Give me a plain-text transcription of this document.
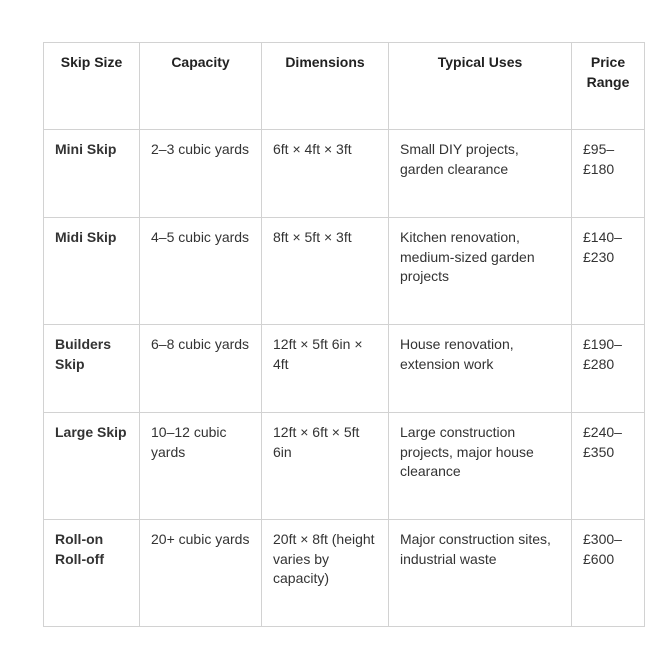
Skip Size	Capacity	Dimensions	Typical Uses	Price Range
Mini Skip	2–3 cubic yards	6ft × 4ft × 3ft	Small DIY projects, garden clearance	£95–£180
Midi Skip	4–5 cubic yards	8ft × 5ft × 3ft	Kitchen renovation, medium-sized garden projects	£140–£230
Builders Skip	6–8 cubic yards	12ft × 5ft 6in × 4ft	House renovation, extension work	£190–£280
Large Skip	10–12 cubic yards	12ft × 6ft × 5ft 6in	Large construction projects, major house clearance	£240–£350
Roll-on Roll-off	20+ cubic yards	20ft × 8ft (height varies by capacity)	Major construction sites, industrial waste	£300–£600
